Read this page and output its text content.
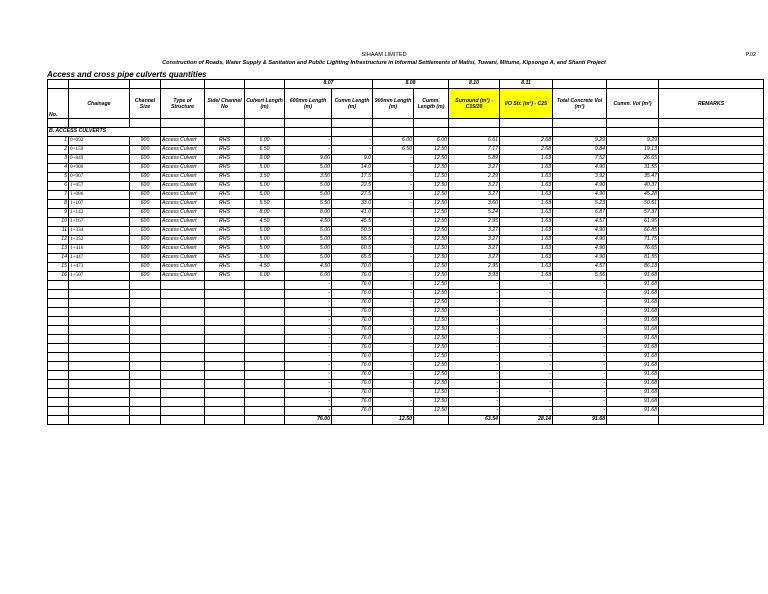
SIHAAM LIMITED	P.02
Construction of Roads, Water Supply & Sanitation and Public Lighting Infrastructure in Informal Settlements of Matisi, Tuwani, Mitume, Kipsongo A, and Shanti Project
Access and cross pipe culverts quantities
						8.07		8.08		8.10	8.11			
No.	Chainage	Channel Size	Type of Structure	Side/ Channel No	Culvert Length (m)	600mm Length (m)	Cumm Length (m)	900mm Length (m)	Cumm. Length (m)	Surround (m³) - C15/20	I/O Str. (m³) - C25	Total Concrete Vol (m³)	Cumm. Vol (m³)	REMARKS

B. ACCESS CULVERTS														
1	0+092	900	Access Culvert	RHS	6.00	-	-	6.00	6.00	6.61	2.68	9.29	9.29	
2	0+159	900	Access Culvert	RHS	6.50	-	-	6.50	12.50	7.17	2.68	9.84	19.13	
3	0+849	600	Access Culvert	RHS	9.00	9.00	9.0	-	12.50	5.89	1.63	7.52	26.65	
4	0+900	600	Access Culvert	RHS	5.00	5.00	14.0	-	12.50	3.27	1.63	4.90	31.55	
5	0+907	600	Access Culvert	RHS	3.50	3.50	17.5	-	12.50	2.29	1.63	3.92	35.47	
6	1+057	600	Access Culvert	RHS	5.00	5.00	22.5	-	12.50	3.27	1.63	4.90	40.37	
7	1+086	600	Access Culvert	RHS	5.00	5.00	27.5	-	12.50	3.27	1.63	4.90	45.28	
8	1+107	600	Access Culvert	RHS	5.50	5.50	33.0	-	12.50	3.60	1.63	5.23	50.51	
9	1+142	600	Access Culvert	RHS	8.00	8.00	41.0	-	12.50	5.24	1.63	6.87	57.37	
10	1+167	600	Access Culvert	RHS	4.50	4.50	45.5	-	12.50	2.95	1.63	4.57	61.95	
11	1+334	600	Access Culvert	RHS	5.00	5.00	50.5	-	12.50	3.27	1.63	4.90	66.85	
12	1+352	600	Access Culvert	RHS	5.00	5.00	55.5	-	12.50	3.27	1.63	4.90	71.75	
13	1+416	600	Access Culvert	RHS	5.00	5.00	60.5	-	12.50	3.27	1.63	4.90	76.65	
14	1+447	600	Access Culvert	RHS	5.00	5.00	65.5	-	12.50	3.27	1.63	4.90	81.55	
15	1+473	600	Access Culvert	RHS	4.50	4.50	70.0	-	12.50	2.95	1.63	4.57	86.13	
16	1+507	600	Access Culvert	RHS	6.00	6.00	76.0	-	12.50	3.93	1.63	5.56	91.68	
						-	76.0	-	12.50	-	-	-	91.68	
						-	76.0	-	12.50	-	-	-	91.68	
						-	76.0	-	12.50	-	-	-	91.68	
						-	76.0	-	12.50	-	-	-	91.68	
						-	76.0	-	12.50	-	-	-	91.68	
						-	76.0	-	12.50	-	-	-	91.68	
						-	76.0	-	12.50	-	-	-	91.68	
						-	76.0	-	12.50	-	-	-	91.68	
						-	76.0	-	12.50	-	-	-	91.68	
						-	76.0	-	12.50	-	-	-	91.68	
						-	76.0	-	12.50	-	-	-	91.68	
						-	76.0	-	12.50	-	-	-	91.68	
						-	76.0	-	12.50	-	-	-	91.68	
						-	76.0	-	12.50	-	-	-	91.68	
						-	76.0	-	12.50	-	-	-	91.68	
						76.00		12.50		63.54	28.14	91.68		
